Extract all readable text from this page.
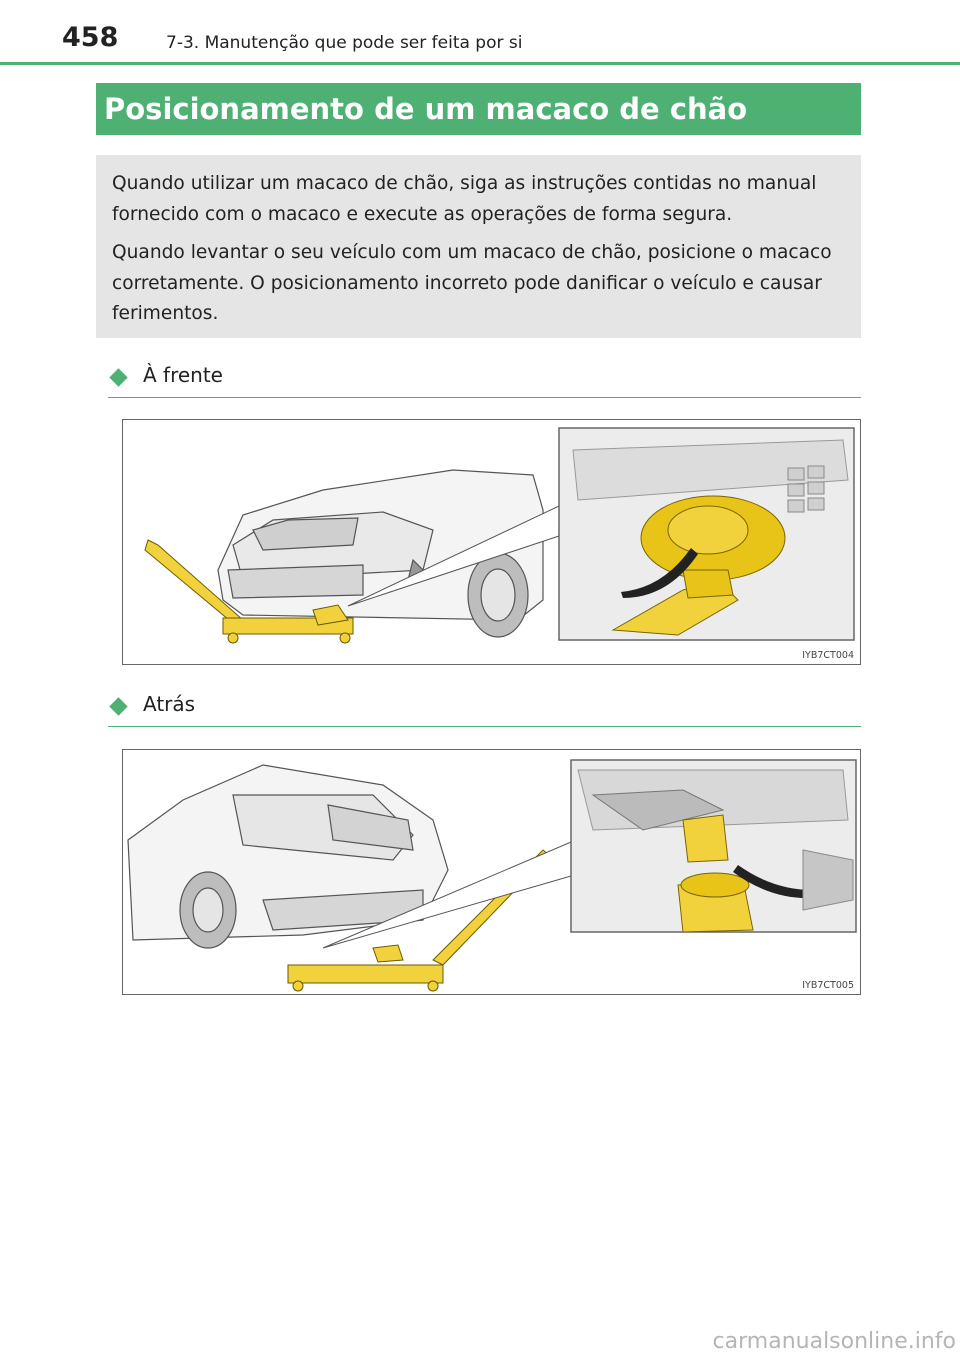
458	7-3. Manutenção que pode ser feita por si
Posicionamento de um macaco de chão

Quando utilizar um macaco de chão, siga as instruções contidas no manual fornecido com o macaco e execute as operações de forma segura.

Quando levantar o seu veículo com um macaco de chão, posicione o macaco corretamente. O posicionamento incorreto pode danificar o veículo e causar ferimentos.

À frente
IYB7CT004
Atrás
IYB7CT005
carmanualsonline.info
